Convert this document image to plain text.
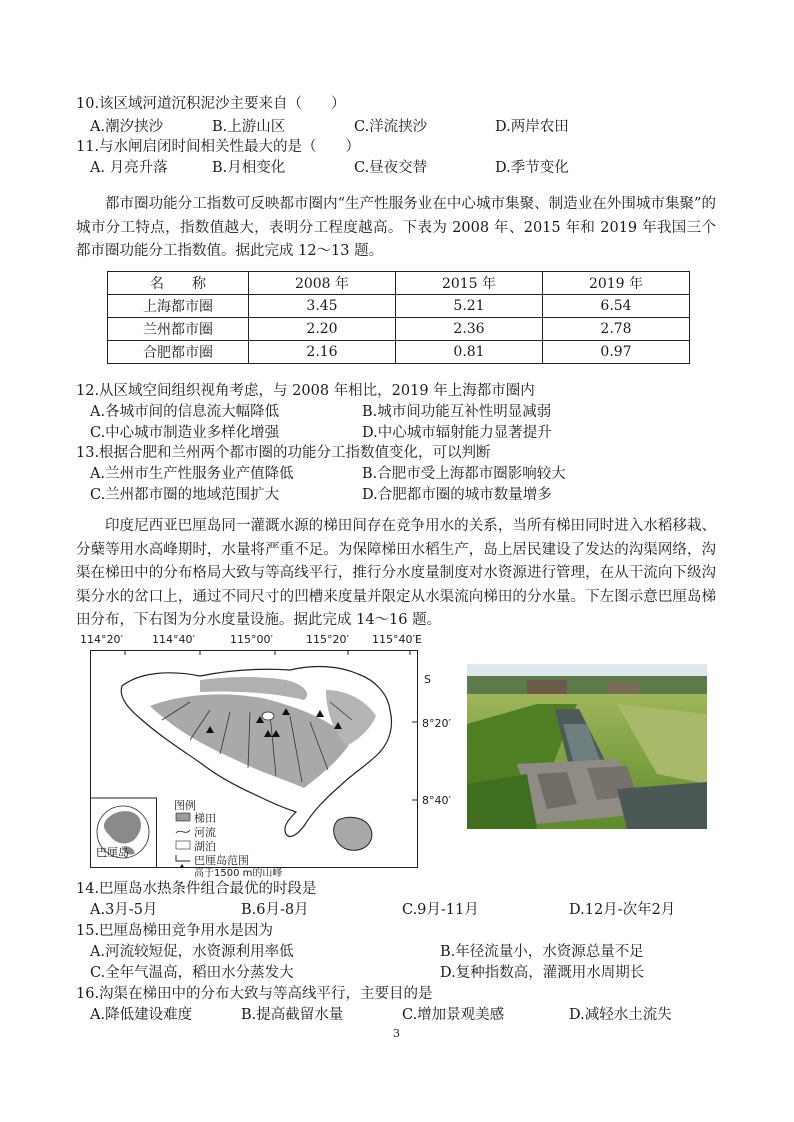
10.该区域河道沉积泥沙主要来自（　　）
A.潮汐挟沙	B.上游山区	C.洋流挟沙	D.两岸农田
11.与水闸启闭时间相关性最大的是（　　）
A. 月亮升落	B.月相变化	C.昼夜交替	D.季节变化
都市圈功能分工指数可反映都市圈内“生产性服务业在中心城市集聚、制造业在外围城市集聚”的城市分工特点，指数值越大，表明分工程度越高。下表为 2008 年、2015 年和 2019 年我国三个都市圈功能分工指数值。据此完成 12～13 题。
名　　称	2008 年	2015 年	2019 年
上海都市圈	3.45	5.21	6.54
兰州都市圈	2.20	2.36	2.78
合肥都市圈	2.16	0.81	0.97
12.从区域空间组织视角考虑，与 2008 年相比，2019 年上海都市圈内
A.各城市间的信息流大幅降低	B.城市间功能互补性明显减弱
C.中心城市制造业多样化增强	D.中心城市辐射能力显著提升
13.根据合肥和兰州两个都市圈的功能分工指数值变化，可以判断
A.兰州市生产性服务业产值降低	B.合肥市受上海都市圈影响较大
C.兰州都市圈的地域范围扩大	D.合肥都市圈的城市数量增多
印度尼西亚巴厘岛同一灌溉水源的梯田间存在竞争用水的关系，当所有梯田同时进入水稻移栽、分蘖等用水高峰期时，水量将严重不足。为保障梯田水稻生产，岛上居民建设了发达的沟渠网络，沟渠在梯田中的分布格局大致与等高线平行，推行分水度量制度对水资源进行管理，在从干流向下级沟渠分水的岔口上，通过不同尺寸的凹槽来度量并限定从水渠流向梯田的分水量。下左图示意巴厘岛梯田分布，下右图为分水度量设施。据此完成 14～16 题。
114°20′	114°40′	115°00′	115°20′ 115°40′E
S
8°20′
8°40′
巴厘岛
图例
梯田
河流
湖泊
巴厘岛范围
高于1500 m的山峰
14.巴厘岛水热条件组合最优的时段是
A.3月-5月	B.6月-8月	C.9月-11月	D.12月-次年2月
15.巴厘岛梯田竞争用水是因为
A.河流较短促，水资源利用率低	B.年径流量小，水资源总量不足
C.全年气温高，稻田水分蒸发大	D.复种指数高，灌溉用水周期长
16.沟渠在梯田中的分布大致与等高线平行，主要目的是
A.降低建设难度	B.提高截留水量	C.增加景观美感	D.减轻水土流失
3
